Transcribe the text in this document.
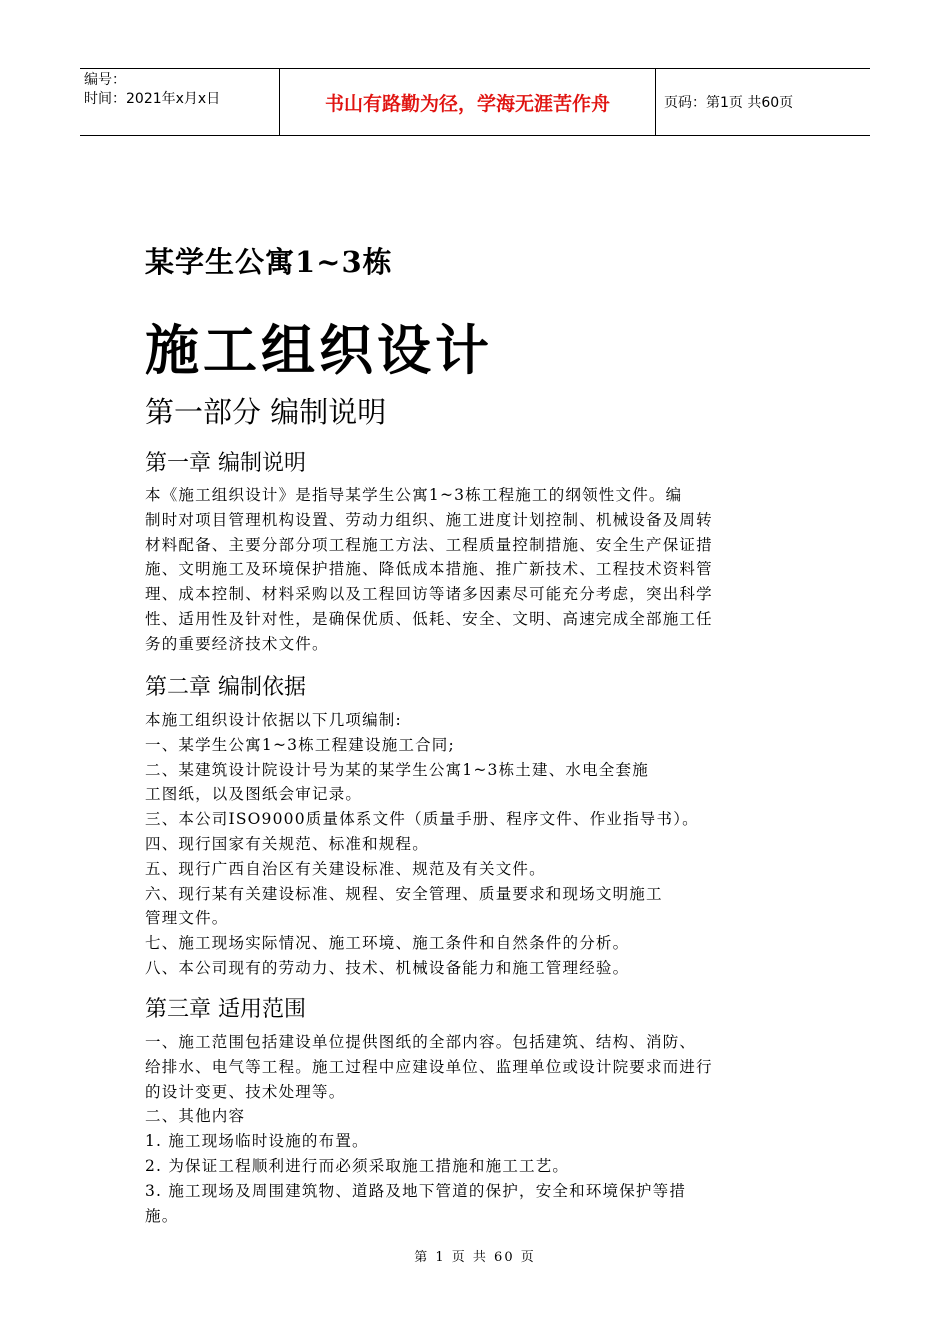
编号：
时间：2021年x月x日	书山有路勤为径，学海无涯苦作舟	页码：第1页 共60页
某学生公寓1~3栋
施工组织设计
第一部分 编制说明
第一章 编制说明
本《施工组织设计》是指导某学生公寓1~3栋工程施工的纲领性文件。编
制时对项目管理机构设置、劳动力组织、施工进度计划控制、机械设备及周转
材料配备、主要分部分项工程施工方法、工程质量控制措施、安全生产保证措
施、文明施工及环境保护措施、降低成本措施、推广新技术、工程技术资料管
理、成本控制、材料采购以及工程回访等诸多因素尽可能充分考虑，突出科学
性、适用性及针对性，是确保优质、低耗、安全、文明、高速完成全部施工任
务的重要经济技术文件。
第二章 编制依据
本施工组织设计依据以下几项编制:
一、某学生公寓1~3栋工程建设施工合同;
二、某建筑设计院设计号为某的某学生公寓1~3栋土建、水电全套施
工图纸，以及图纸会审记录。
三、本公司ISO9000质量体系文件（质量手册、程序文件、作业指导书）。
四、现行国家有关规范、标准和规程。
五、现行广西自治区有关建设标准、规范及有关文件。
六、现行某有关建设标准、规程、安全管理、质量要求和现场文明施工
管理文件。
七、施工现场实际情况、施工环境、施工条件和自然条件的分析。
八、本公司现有的劳动力、技术、机械设备能力和施工管理经验。
第三章 适用范围
一、施工范围包括建设单位提供图纸的全部内容。包括建筑、结构、消防、
给排水、电气等工程。施工过程中应建设单位、监理单位或设计院要求而进行
的设计变更、技术处理等。
二、其他内容
1. 施工现场临时设施的布置。
2. 为保证工程顺利进行而必须采取施工措施和施工工艺。
3. 施工现场及周围建筑物、道路及地下管道的保护，安全和环境保护等措
施。
第 1 页 共 60 页
